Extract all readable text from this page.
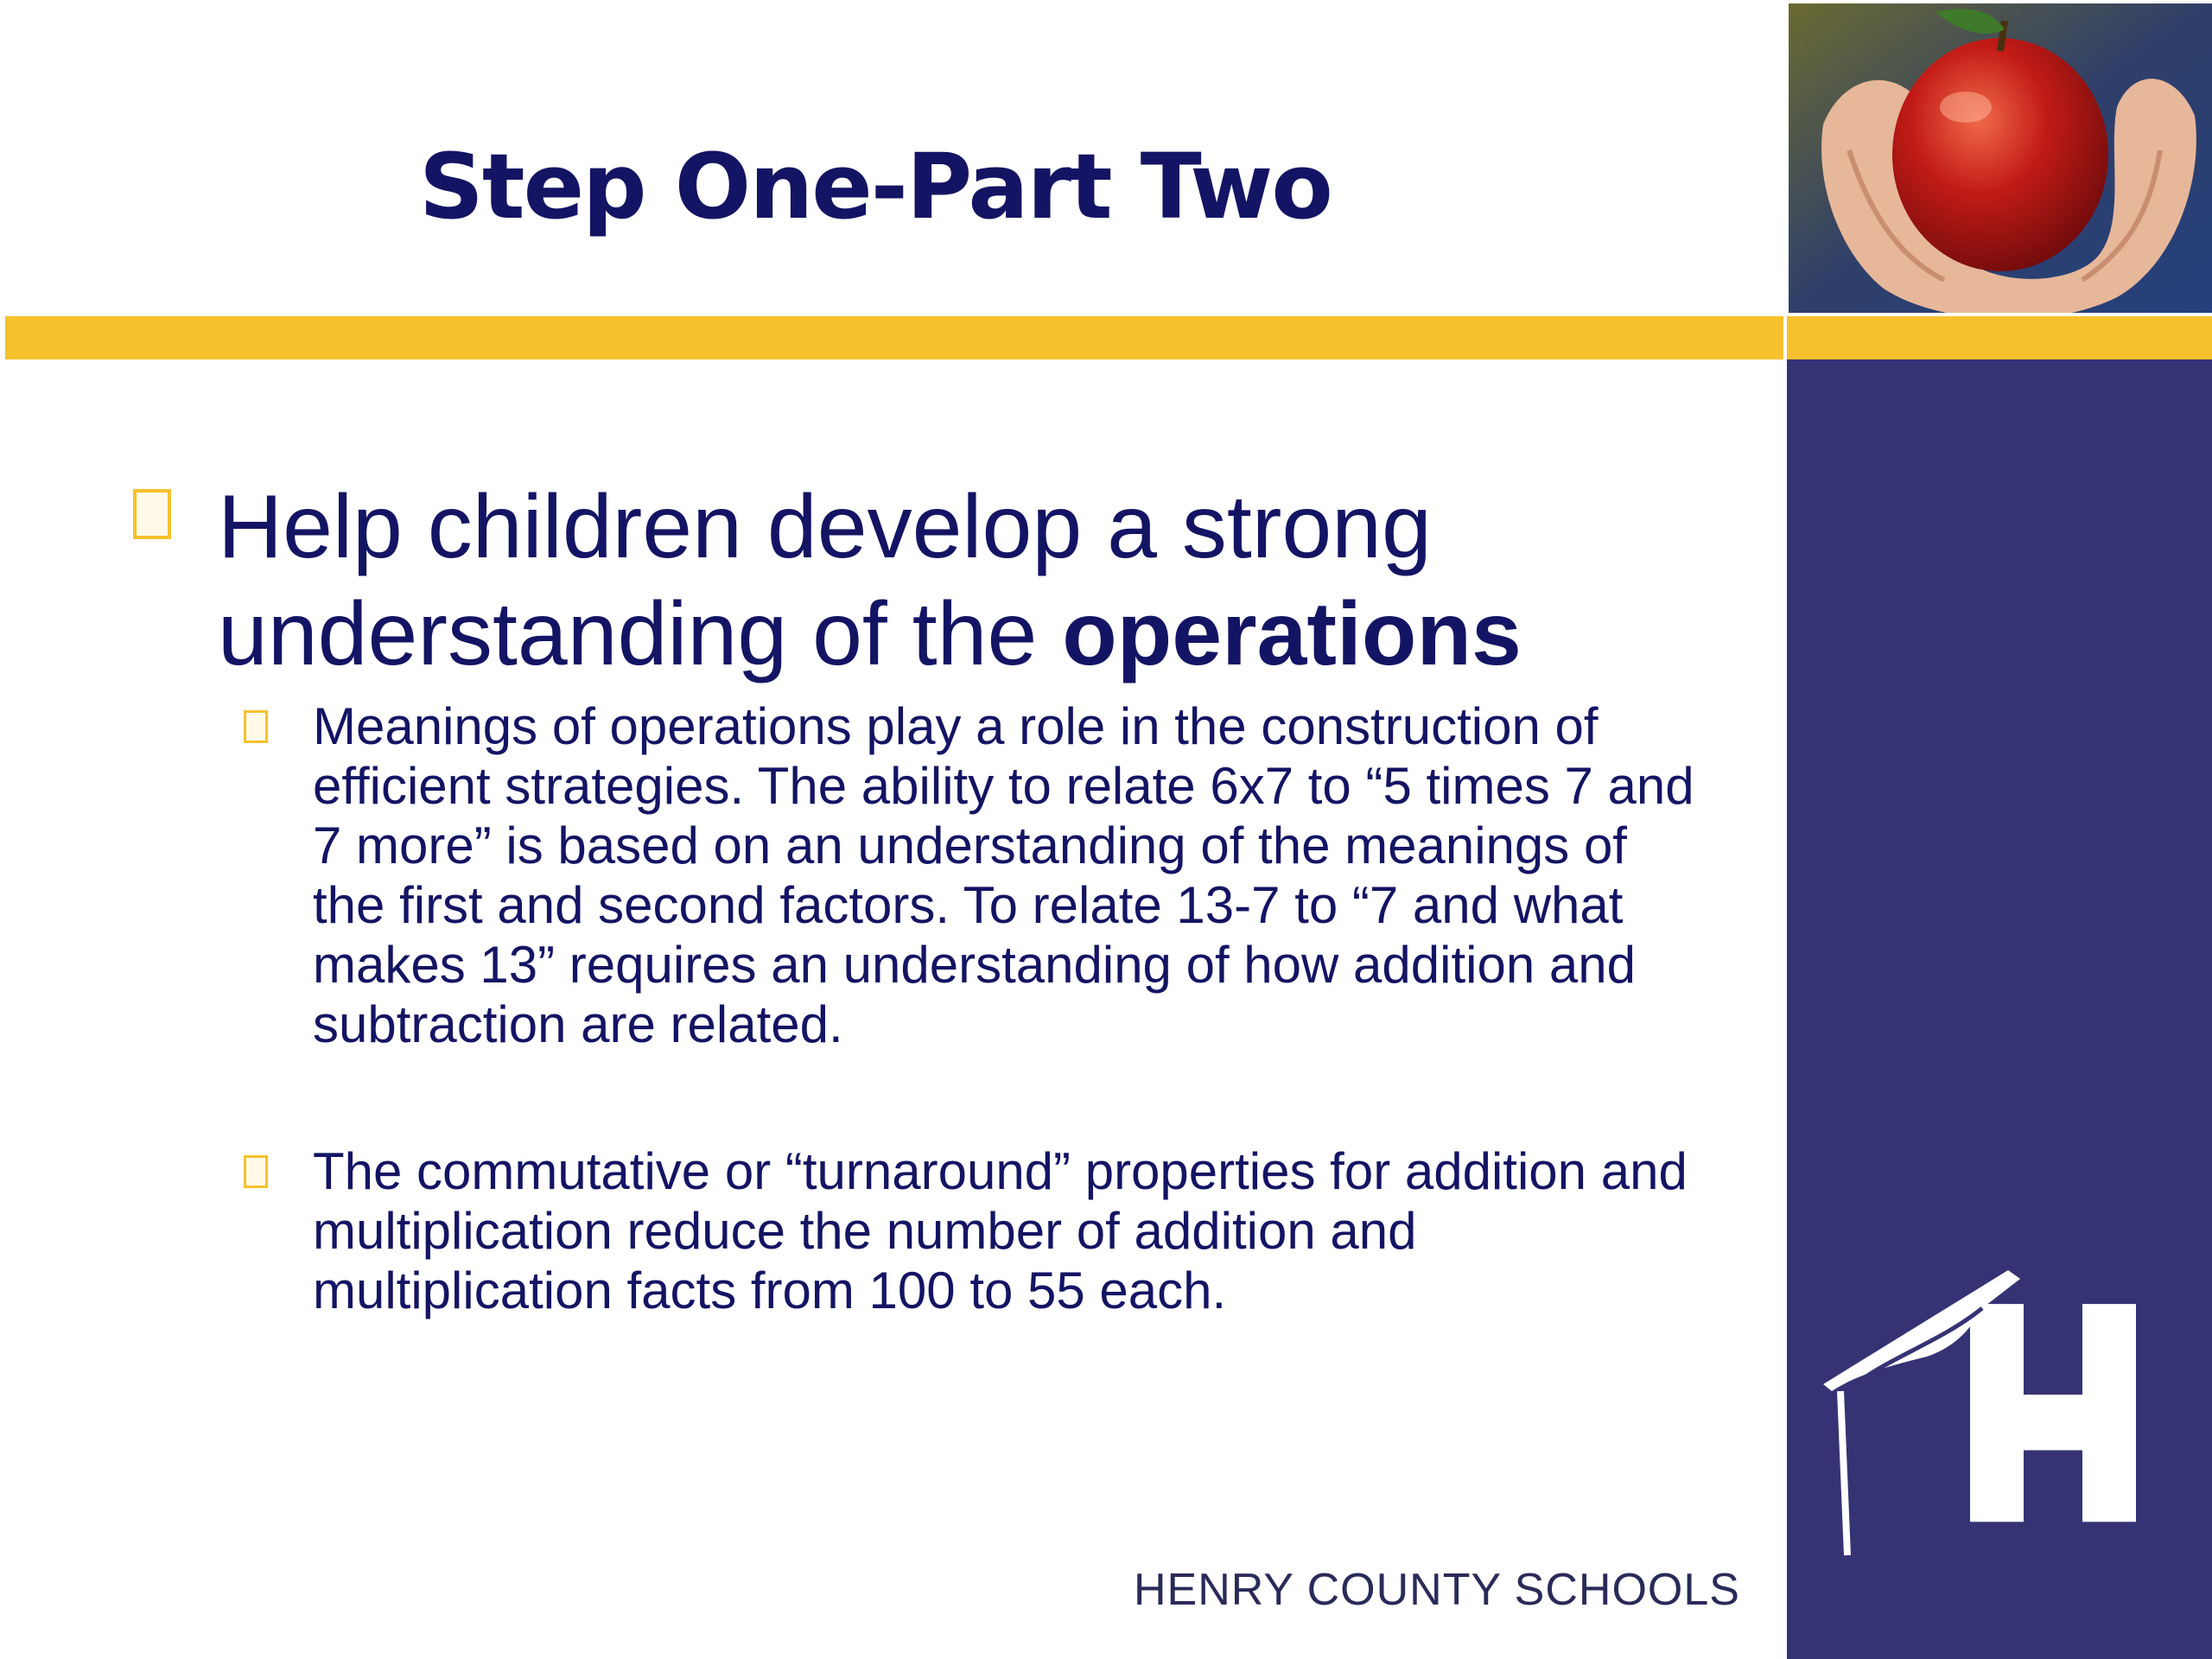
Step One-Part Two
Help children develop a strong understanding of the operations
Meanings of operations play a role in the construction of efficient strategies. The ability to relate 6x7 to “5 times 7 and 7 more” is based on an understanding of the meanings of the first and second factors. To relate 13-7 to “7 and what makes 13” requires an understanding of how addition and subtraction are related.
The commutative or “turnaround” properties for addition and multiplication reduce the number of addition and multiplication facts from 100 to 55 each.
HENRY COUNTY SCHOOLS
